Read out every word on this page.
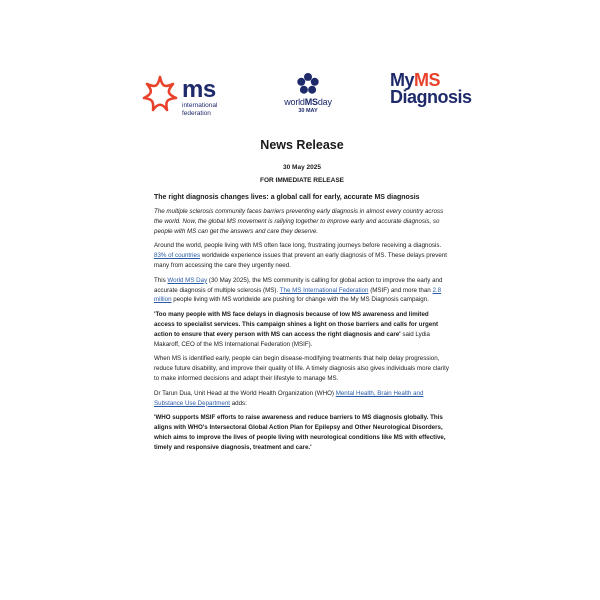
ms
international
federation
worldMSday
30 MAY
MyMS
Diagnosis
News Release
30 May 2025
FOR IMMEDIATE RELEASE
The right diagnosis changes lives: a global call for early, accurate MS diagnosis

The multiple sclerosis community faces barriers preventing early diagnosis in almost every country across the world. Now, the global MS movement is rallying together to improve early and accurate diagnosis, so people with MS can get the answers and care they deserve.

Around the world, people living with MS often face long, frustrating journeys before receiving a diagnosis. 83% of countries worldwide experience issues that prevent an early diagnosis of MS. These delays prevent many from accessing the care they urgently need.

This World MS Day (30 May 2025), the MS community is calling for global action to improve the early and accurate diagnosis of multiple sclerosis (MS). The MS International Federation (MSIF) and more than 2.8 million people living with MS worldwide are pushing for change with the My MS Diagnosis campaign.

'Too many people with MS face delays in diagnosis because of low MS awareness and limited access to specialist services. This campaign shines a light on those barriers and calls for urgent action to ensure that every person with MS can access the right diagnosis and care' said Lydia Makaroff, CEO of the MS International Federation (MSIF).

When MS is identified early, people can begin disease-modifying treatments that help delay progression, reduce future disability, and improve their quality of life. A timely diagnosis also gives individuals more clarity to make informed decisions and adapt their lifestyle to manage MS.

Dr Tarun Dua, Unit Head at the World Health Organization (WHO) Mental Health, Brain Health and Substance Use Department adds:

'WHO supports MSIF efforts to raise awareness and reduce barriers to MS diagnosis globally. This aligns with WHO's Intersectoral Global Action Plan for Epilepsy and Other Neurological Disorders, which aims to improve the lives of people living with neurological conditions like MS with effective, timely and responsive diagnosis, treatment and care.'
